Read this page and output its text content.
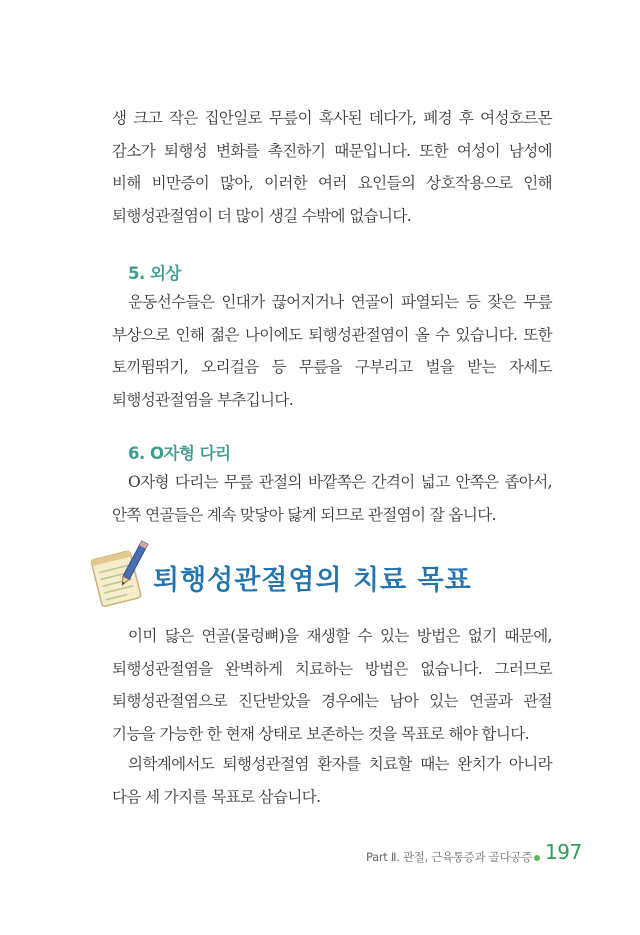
생 크고 작은 집안일로 무릎이 혹사된 데다가, 폐경 후 여성호르몬 감소가 퇴행성 변화를 촉진하기 때문입니다. 또한 여성이 남성에 비해 비만증이 많아, 이러한 여러 요인들의 상호작용으로 인해 퇴행성관절염이 더 많이 생길 수밖에 없습니다.

5. 외상

운동선수들은 인대가 끊어지거나 연골이 파열되는 등 잦은 무릎 부상으로 인해 젊은 나이에도 퇴행성관절염이 올 수 있습니다. 또한 토끼뜀뛰기, 오리걸음 등 무릎을 구부리고 벌을 받는 자세도 퇴행성관절염을 부추깁니다.

6. O자형 다리

O자형 다리는 무릎 관절의 바깥쪽은 간격이 넓고 안쪽은 좁아서, 안쪽 연골들은 계속 맞닿아 닳게 되므로 관절염이 잘 옵니다.

퇴행성관절염의 치료 목표

이미 닳은 연골(물렁뼈)을 재생할 수 있는 방법은 없기 때문에, 퇴행성관절염을 완벽하게 치료하는 방법은 없습니다. 그러므로 퇴행성관절염으로 진단받았을 경우에는 남아 있는 연골과 관절 기능을 가능한 한 현재 상태로 보존하는 것을 목표로 해야 합니다.

의학계에서도 퇴행성관절염 환자를 치료할 때는 완치가 아니라 다음 세 가지를 목표로 삼습니다.

Part Ⅱ. 관절, 근육통증과 골다공증 197
